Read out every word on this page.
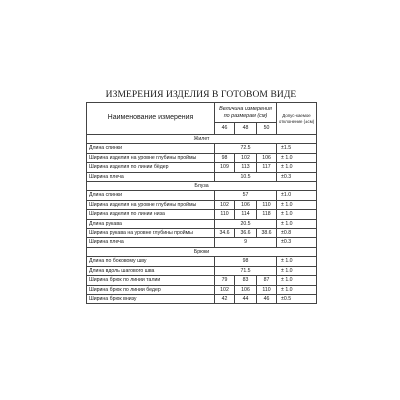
ИЗМЕРЕНИЯ ИЗДЕЛИЯ В ГОТОВОМ ВИДЕ
Наименование измерения	Величина измерения по размерам (см)			Допус-каемое отклонение (±см)
	46	48	50	
Жилет				
Длина спинки	72.5			±1.5
Ширина изделия на уровне глубины проймы	98	102	106	± 1.0
Ширина изделия по линии бёдер	109	113	117	± 1.0
Ширина плеча	10.5			±0.3
Блуза				
Длина спинки	57			±1.0
Ширина изделия на уровне глубины проймы	102	106	110	± 1.0
Ширина изделия по линии низа	110	114	118	± 1.0
Длина рукава	20.5			± 1.0
Ширина рукава на уровне глубины проймы	34.6	36.6	38.6	±0.8
Ширина плеча	9			±0.3
Брюки				
Длина по боковому шву	98			± 1.0
Длина вдоль шагового шва	71.5			± 1.0
Ширина брюк по линии талии	79	83	87	± 1.0
Ширина брюк по линии бедер	102	106	110	± 1.0
Ширина брюк внизу	42	44	46	±0.5
